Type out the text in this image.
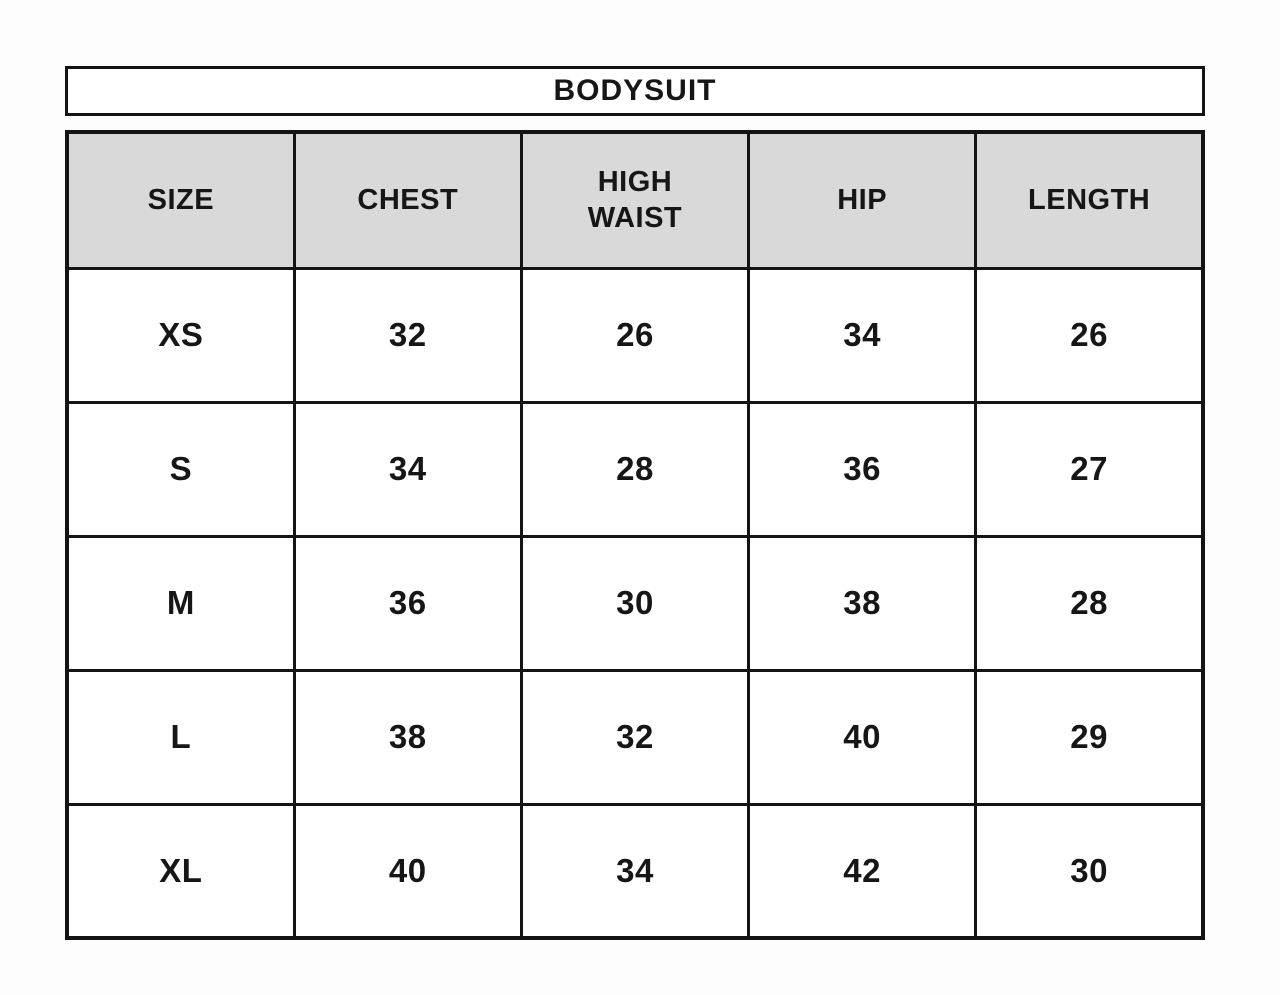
BODYSUIT
SIZE	CHEST	HIGH WAIST	HIP	LENGTH
XS	32	26	34	26
S	34	28	36	27
M	36	30	38	28
L	38	32	40	29
XL	40	34	42	30
